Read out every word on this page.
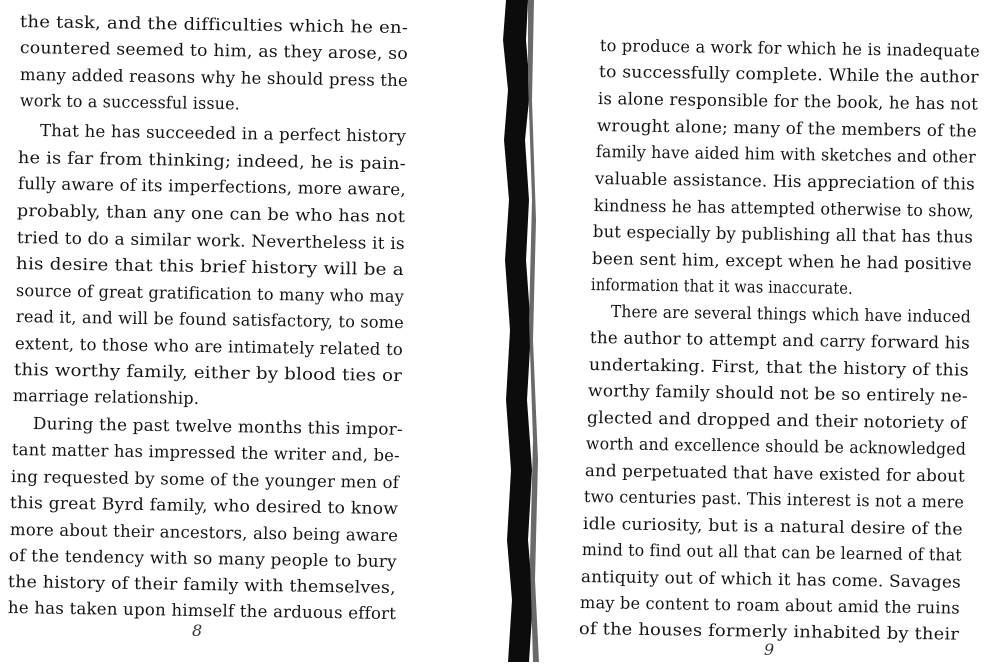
the task, and the difficulties which he en-
countered seemed to him, as they arose, so
many added reasons why he should press the
work to a successful issue.
That he has succeeded in a perfect history
he is far from thinking; indeed, he is pain-
fully aware of its imperfections, more aware,
probably, than any one can be who has not
tried to do a similar work. Nevertheless it is
his desire that this brief history will be a
source of great gratification to many who may
read it, and will be found satisfactory, to some
extent, to those who are intimately related to
this worthy family, either by blood ties or
marriage relationship.
During the past twelve months this impor-
tant matter has impressed the writer and, be-
ing requested by some of the younger men of
this great Byrd family, who desired to know
more about their ancestors, also being aware
of the tendency with so many people to bury
the history of their family with themselves,
he has taken upon himself the arduous effort
8
to produce a work for which he is inadequate
to successfully complete. While the author
is alone responsible for the book, he has not
wrought alone; many of the members of the
family have aided him with sketches and other
valuable assistance. His appreciation of this
kindness he has attempted otherwise to show,
but especially by publishing all that has thus
been sent him, except when he had positive
information that it was inaccurate.
There are several things which have induced
the author to attempt and carry forward his
undertaking. First, that the history of this
worthy family should not be so entirely ne-
glected and dropped and their notoriety of
worth and excellence should be acknowledged
and perpetuated that have existed for about
two centuries past. This interest is not a mere
idle curiosity, but is a natural desire of the
mind to find out all that can be learned of that
antiquity out of which it has come. Savages
may be content to roam about amid the ruins
of the houses formerly inhabited by their
9
